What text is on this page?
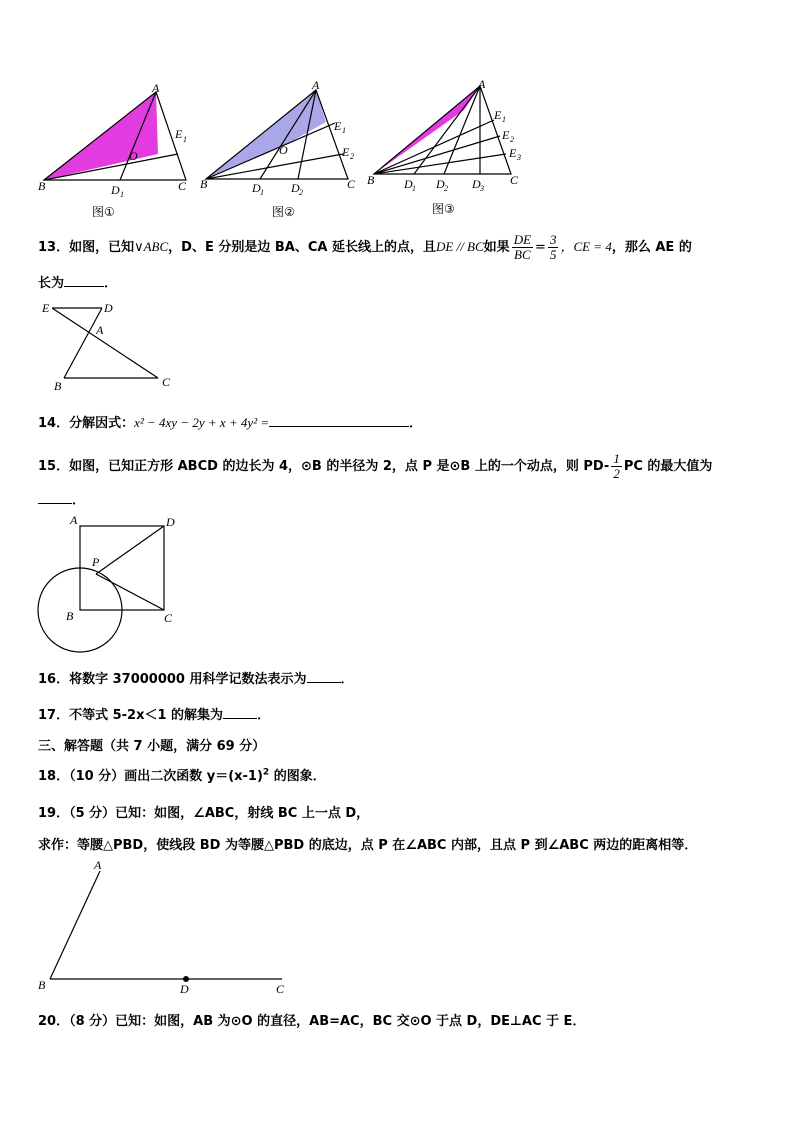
A
B	C
O
D 1
E 1
图①
A
B	C
O
D 1 D 2
E 1
E 2
图②
A
B	C
D 1 D 2 D 3
E 1
E 2
E 3
图③
13．如图，已知∨ABC，D、E 分别是边 BA、CA 延长线上的点，且DE // BC如果 $\frac{DE}{BC} = \frac{3}{5}$ ，CE = 4，那么 AE 的
长为	．
E	D
A
B	C
14．分解因式：x² − 4xy − 2y + x + 4y² =	．
15．如图，已知正方形 ABCD 的边长为 4，⊙B 的半径为 2，点 P 是⊙B 上的一个动点，则 $PD- \frac{1}{2}$ PC 的最大值为
．
A	D
P
B	C
16．将数字 37000000 用科学记数法表示为	．
17．不等式 5-2x＜1 的解集为	．
三、解答题（共 7 小题，满分 69 分）
18．（10 分）画出二次函数 $y=(x-1)^2$ 的图象．
19．（5 分）已知：如图，∠ABC，射线 BC 上一点 D，
求作：等腰△PBD，使线段 BD 为等腰△PBD 的底边，点 P 在∠ABC 内部，且点 P 到∠ABC 两边的距离相等．
A
B	D	C
20．（8 分）已知：如图，AB 为⊙O 的直径，AB=AC，BC 交⊙O 于点 D，DE⊥AC 于 E．
